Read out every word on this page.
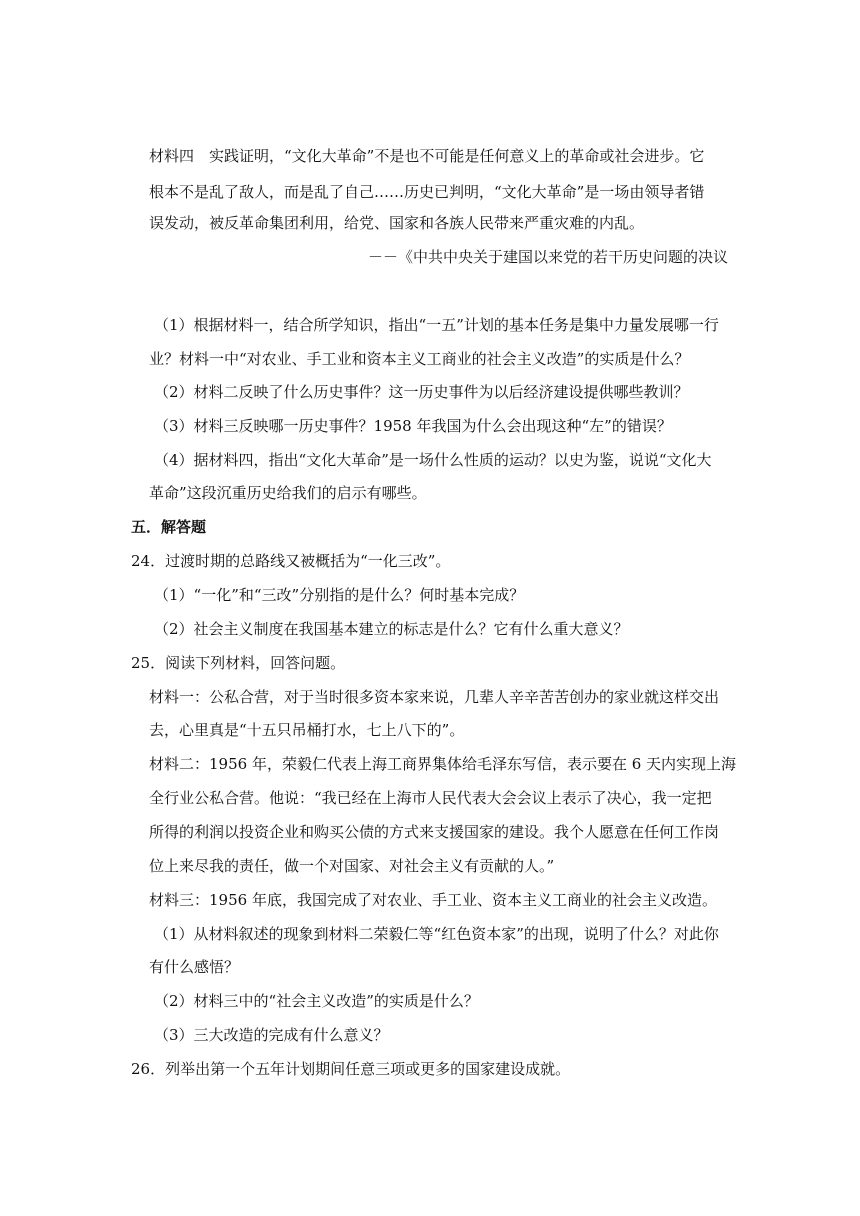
材料四　实践证明，“文化大革命”不是也不可能是任何意义上的革命或社会进步。它
根本不是乱了敌人，而是乱了自己……历史已判明，“文化大革命”是一场由领导者错
误发动，被反革命集团利用，给党、国家和各族人民带来严重灾难的内乱。
－－《中共中央关于建国以来党的若干历史问题的决议
（1）根据材料一，结合所学知识，指出“一五”计划的基本任务是集中力量发展哪一行
业？材料一中“对农业、手工业和资本主义工商业的社会主义改造”的实质是什么？
（2）材料二反映了什么历史事件？这一历史事件为以后经济建设提供哪些教训？
（3）材料三反映哪一历史事件？1958 年我国为什么会出现这种“左”的错误？
（4）据材料四，指出“文化大革命”是一场什么性质的运动？以史为鉴，说说“文化大
革命”这段沉重历史给我们的启示有哪些。
五．解答题
24．过渡时期的总路线又被概括为“一化三改”。
（1）“一化”和“三改”分别指的是什么？何时基本完成？
（2）社会主义制度在我国基本建立的标志是什么？它有什么重大意义？
25．阅读下列材料，回答问题。
材料一：公私合营，对于当时很多资本家来说，几辈人辛辛苦苦创办的家业就这样交出
去，心里真是“十五只吊桶打水，七上八下的”。
材料二：1956 年，荣毅仁代表上海工商界集体给毛泽东写信，表示要在 6 天内实现上海
全行业公私合营。他说：“我已经在上海市人民代表大会会议上表示了决心，我一定把
所得的利润以投资企业和购买公债的方式来支援国家的建设。我个人愿意在任何工作岗
位上来尽我的责任，做一个对国家、对社会主义有贡献的人。”
材料三：1956 年底，我国完成了对农业、手工业、资本主义工商业的社会主义改造。
（1）从材料叙述的现象到材料二荣毅仁等“红色资本家”的出现，说明了什么？对此你
有什么感悟？
（2）材料三中的“社会主义改造”的实质是什么？
（3）三大改造的完成有什么意义？
26．列举出第一个五年计划期间任意三项或更多的国家建设成就。
